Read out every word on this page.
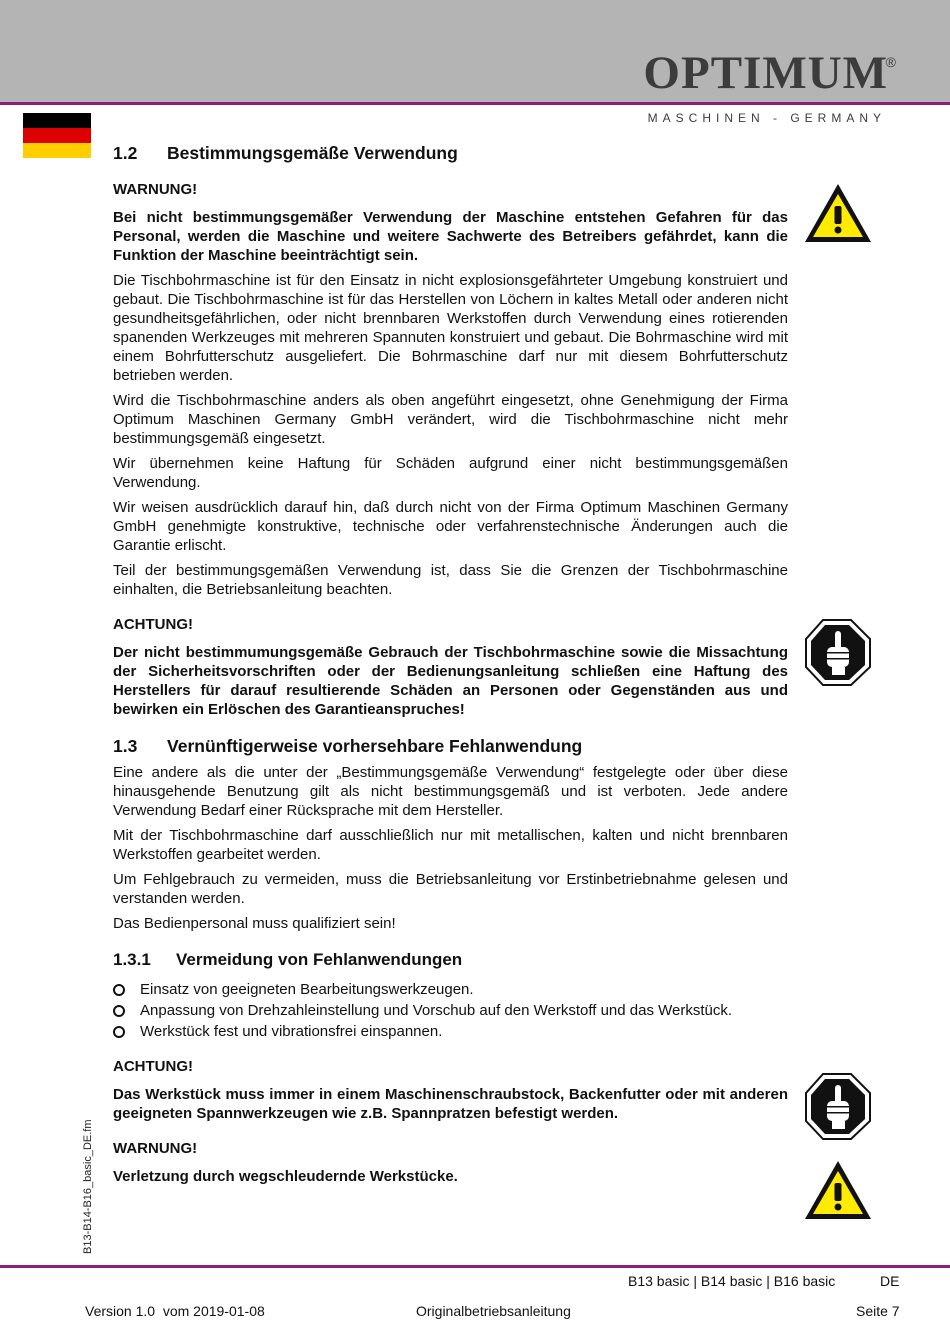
OPTIMUM
®
MASCHINEN - GERMANY
1.2 Bestimmungsgemäße Verwendung

WARNUNG!

Bei nicht bestimmungsgemäßer Verwendung der Maschine entstehen Gefahren für das Personal, werden die Maschine und weitere Sachwerte des Betreibers gefährdet, kann die Funktion der Maschine beeinträchtigt sein.

Die Tischbohrmaschine ist für den Einsatz in nicht explosionsgefährteter Umgebung konstruiert und gebaut. Die Tischbohrmaschine ist für das Herstellen von Löchern in kaltes Metall oder anderen nicht gesundheitsgefährlichen, oder nicht brennbaren Werkstoffen durch Verwendung eines rotierenden spanenden Werkzeuges mit mehreren Spannuten konstruiert und gebaut. Die Bohrmaschine wird mit einem Bohrfutterschutz ausgeliefert. Die Bohrmaschine darf nur mit diesem Bohrfutterschutz betrieben werden.

Wird die Tischbohrmaschine anders als oben angeführt eingesetzt, ohne Genehmigung der Firma Optimum Maschinen Germany GmbH verändert, wird die Tischbohrmaschine nicht mehr bestimmungsgemäß eingesetzt.

Wir übernehmen keine Haftung für Schäden aufgrund einer nicht bestimmungsgemäßen Verwendung.

Wir weisen ausdrücklich darauf hin, daß durch nicht von der Firma Optimum Maschinen Germany GmbH genehmigte konstruktive, technische oder verfahrenstechnische Änderungen auch die Garantie erlischt.

Teil der bestimmungsgemäßen Verwendung ist, dass Sie die Grenzen der Tischbohrmaschine einhalten, die Betriebsanleitung beachten.

ACHTUNG!

Der nicht bestimmumungsgemäße Gebrauch der Tischbohrmaschine sowie die Missachtung der Sicherheitsvorschriften oder der Bedienungsanleitung schließen eine Haftung des Herstellers für darauf resultierende Schäden an Personen oder Gegenständen aus und bewirken ein Erlöschen des Garantieanspruches!

1.3 Vernünftigerweise vorhersehbare Fehlanwendung

Eine andere als die unter der „Bestimmungsgemäße Verwendung“ festgelegte oder über diese hinausgehende Benutzung gilt als nicht bestimmungsgemäß und ist verboten. Jede andere Verwendung Bedarf einer Rücksprache mit dem Hersteller.

Mit der Tischbohrmaschine darf ausschließlich nur mit metallischen, kalten und nicht brennbaren Werkstoffen gearbeitet werden.

Um Fehlgebrauch zu vermeiden, muss die Betriebsanleitung vor Erstinbetriebnahme gelesen und verstanden werden.

Das Bedienpersonal muss qualifiziert sein!

1.3.1 Vermeidung von Fehlanwendungen
Einsatz von geeigneten Bearbeitungswerkzeugen.
Anpassung von Drehzahleinstellung und Vorschub auf den Werkstoff und das Werkstück.
Werkstück fest und vibrationsfrei einspannen.

ACHTUNG!

Das Werkstück muss immer in einem Maschinenschraubstock, Backenfutter oder mit anderen geeigneten Spannwerkzeugen wie z.B. Spannpratzen befestigt werden.

WARNUNG!

Verletzung durch wegschleudernde Werkstücke.

B13-B14-B16_basic_DE.fm
B13 basic | B14 basic | B16 basic	DE
Version 1.0  vom 2019-01-08	Originalbetriebsanleitung	Seite 7
